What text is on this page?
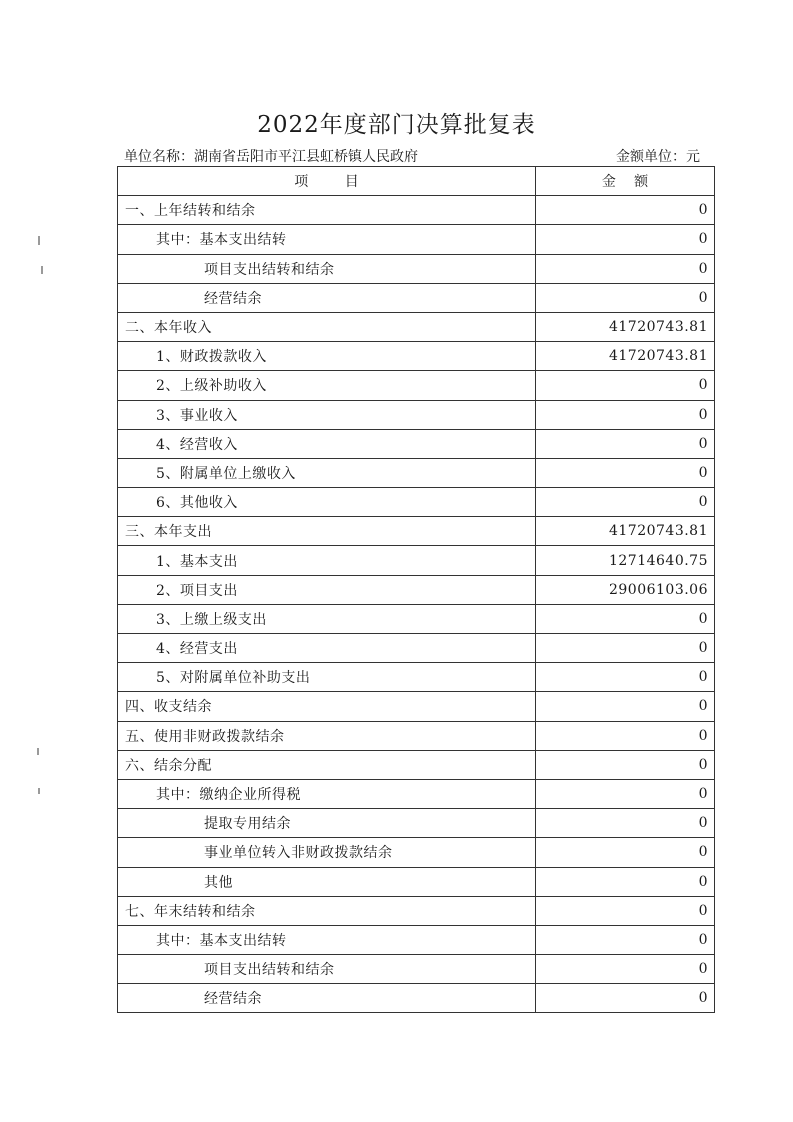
2022年度部门决算批复表
单位名称：湖南省岳阳市平江县虹桥镇人民政府	金额单位：元
项 目	金 额
一、上年结转和结余	0
其中：基本支出结转	0
项目支出结转和结余	0
经营结余	0
二、本年收入	41720743.81
1、财政拨款收入	41720743.81
2、上级补助收入	0
3、事业收入	0
4、经营收入	0
5、附属单位上缴收入	0
6、其他收入	0
三、本年支出	41720743.81
1、基本支出	12714640.75
2、项目支出	29006103.06
3、上缴上级支出	0
4、经营支出	0
5、对附属单位补助支出	0
四、收支结余	0
五、使用非财政拨款结余	0
六、结余分配	0
其中：缴纳企业所得税	0
提取专用结余	0
事业单位转入非财政拨款结余	0
其他	0
七、年末结转和结余	0
其中：基本支出结转	0
项目支出结转和结余	0
经营结余	0
